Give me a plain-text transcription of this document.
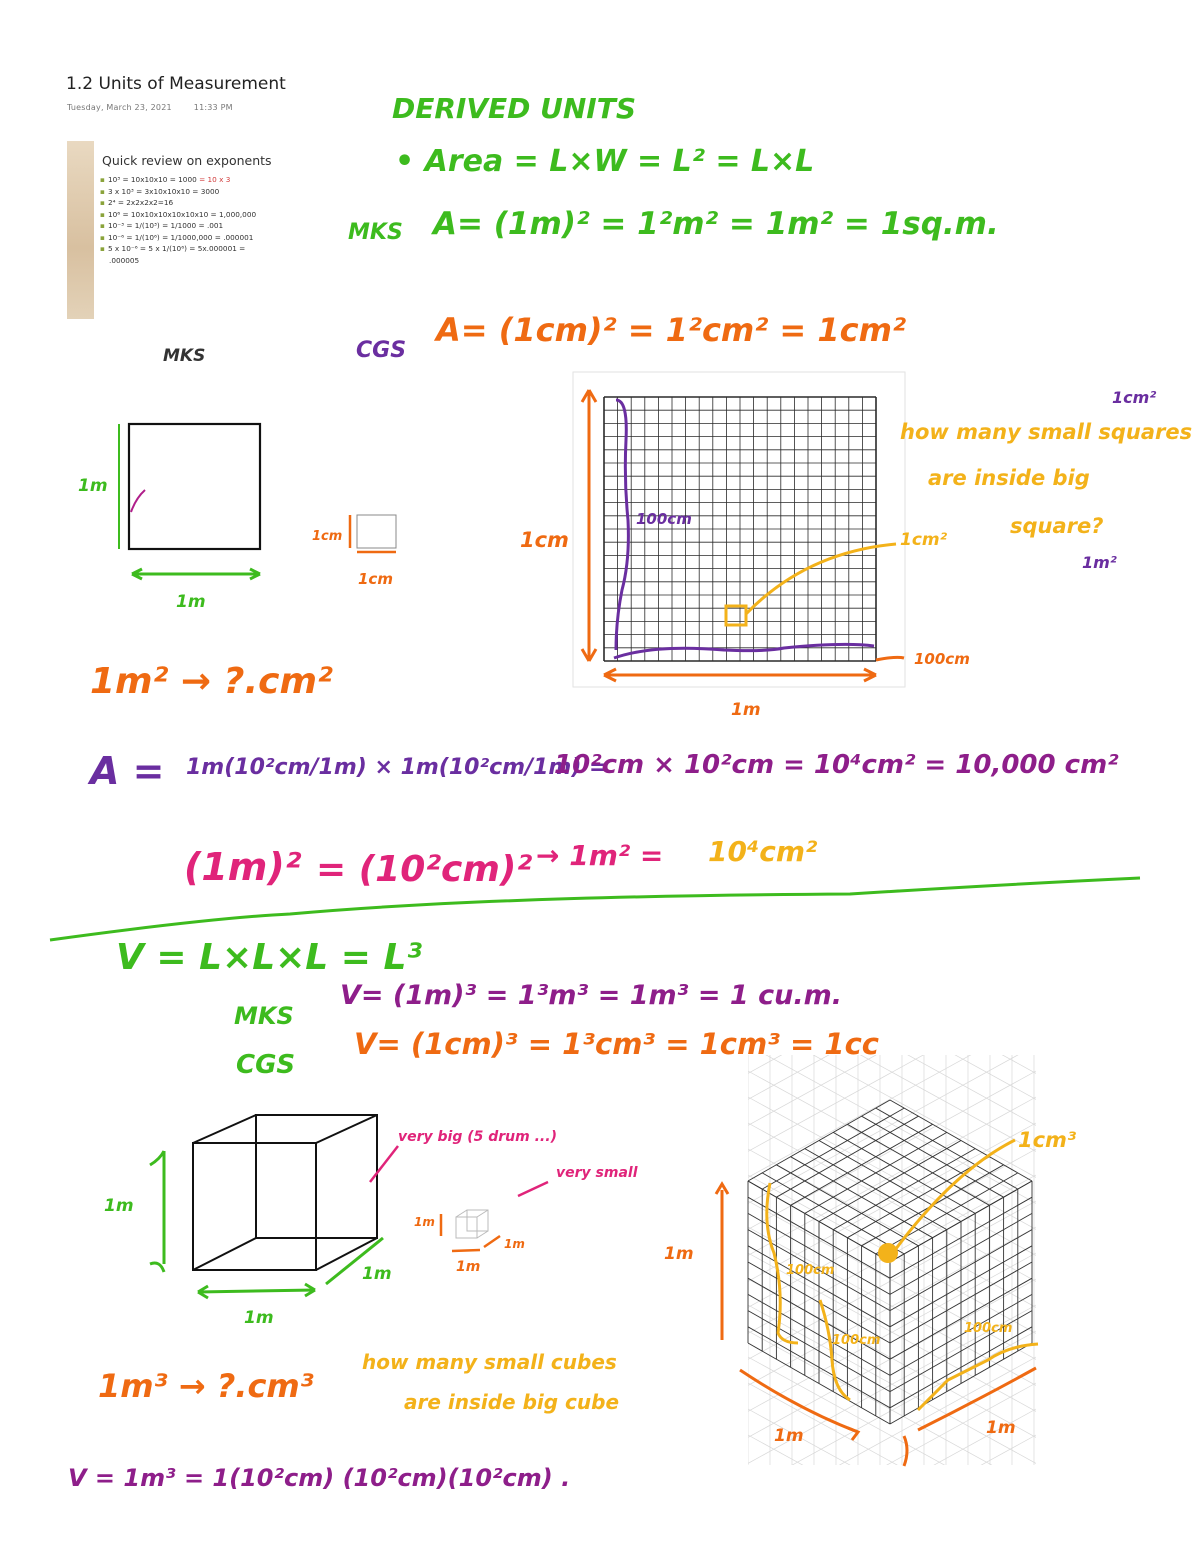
1.2 Units of Measurement
Tuesday, March 23, 2021	11:33 PM
Quick review on exponents
▪ 10³ = 10x10x10 = 1000 = 10 x 3
▪ 3 x 10³ = 3x10x10x10 = 3000
▪ 2⁴ = 2x2x2x2=16
▪ 10⁶ = 10x10x10x10x10x10 = 1,000,000
▪ 10⁻³ = 1/(10³) = 1/1000 = .001
▪ 10⁻⁶ = 1/(10⁶) = 1/1000,000 = .000001
▪ 5 x 10⁻⁶ = 5 x 1/(10⁶) = 5x.000001 =
.000005
DERIVED UNITS
• Area = L×W = L² = L×L
MKS A= (1m)² = 1²m² = 1m² = 1sq.m.
CGS
A= (1cm)² = 1²cm² = 1cm²
MKS
1m
1m
1cm
1cm
1cm
100cm
100cm
1m
1cm²
1cm²
how many small squares
are inside big
square?
1m²
1m² → ?.cm²
A = 1m(10²cm/1m) × 1m(10²cm/1m) =
10²cm × 10²cm = 10⁴cm² = 10,000 cm²
(1m)² = (10²cm)² → 1m² = 10⁴cm²
V = L×L×L = L³
MKS
V= (1m)³ = 1³m³ = 1m³ = 1 cu.m.
CGS
V= (1cm)³ = 1³cm³ = 1cm³ = 1cc
very big (5 drum ...)
very small
1m
1m
1m
1m
1m
1m	1m
1cm³
100cm
100cm
100cm
1m	1m
1m³ → ?.cm³
how many small cubes
are inside big cube
V = 1m³ = 1(10²cm) (10²cm)(10²cm) .
